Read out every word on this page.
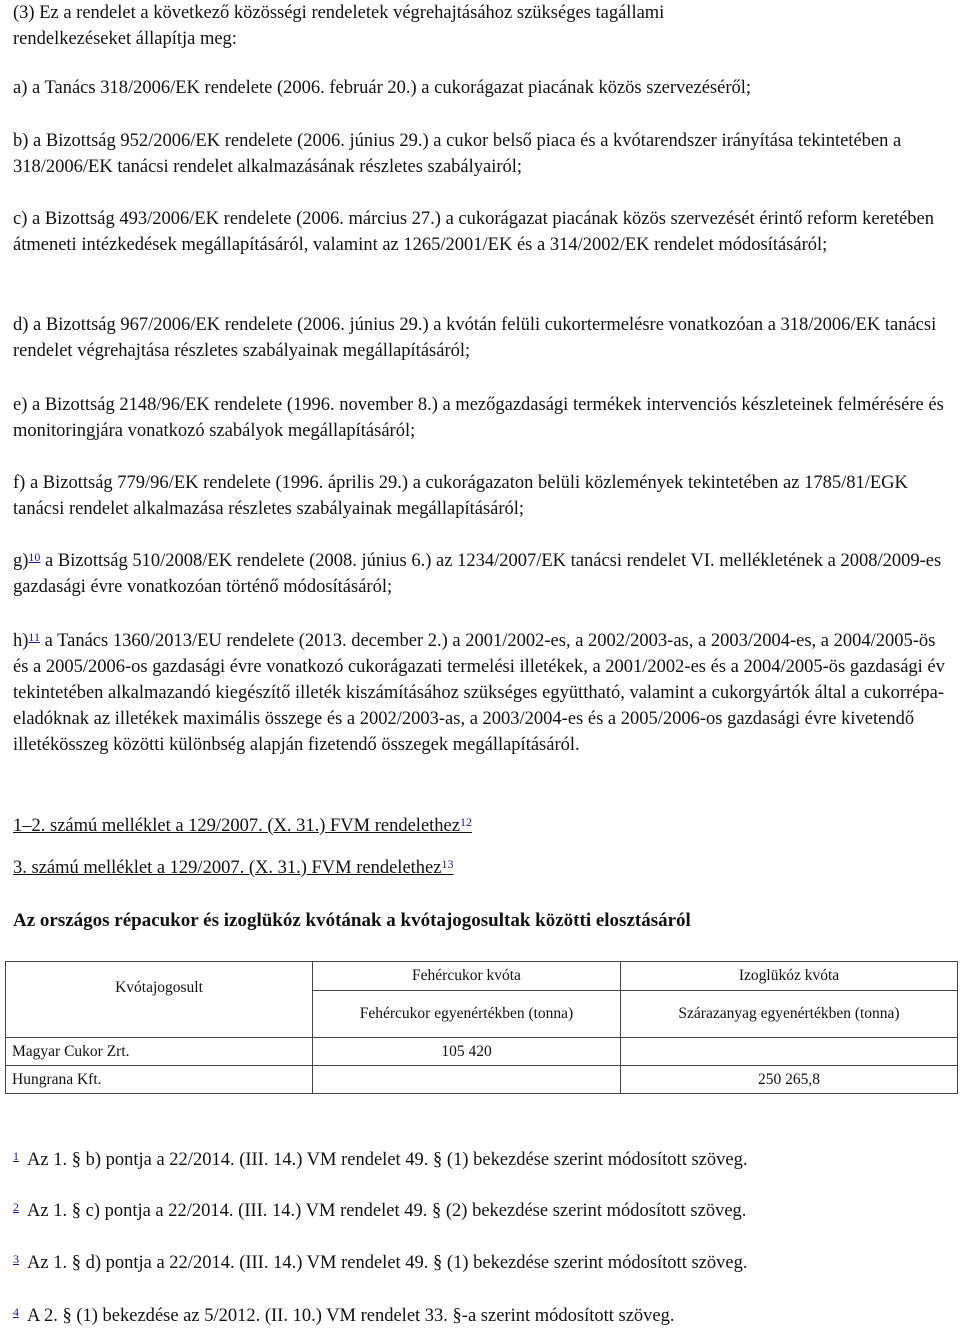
(3) Ez a rendelet a következő közösségi rendeletek végrehajtásához szükséges tagállami
rendelkezéseket állapítja meg:

a) a Tanács 318/2006/EK rendelete (2006. február 20.) a cukorágazat piacának közös szervezéséről;

b) a Bizottság 952/2006/EK rendelete (2006. június 29.) a cukor belső piaca és a kvótarendszer irányítása tekintetében a 318/2006/EK tanácsi rendelet alkalmazásának részletes szabályairól;

c) a Bizottság 493/2006/EK rendelete (2006. március 27.) a cukorágazat piacának közös szervezését érintő reform keretében átmeneti intézkedések megállapításáról, valamint az 1265/2001/EK és a 314/2002/EK rendelet módosításáról;

d) a Bizottság 967/2006/EK rendelete (2006. június 29.) a kvótán felüli cukortermelésre vonatkozóan a 318/2006/EK tanácsi rendelet végrehajtása részletes szabályainak megállapításáról;

e) a Bizottság 2148/96/EK rendelete (1996. november 8.) a mezőgazdasági termékek intervenciós készleteinek felmérésére és monitoringjára vonatkozó szabályok megállapításáról;

f) a Bizottság 779/96/EK rendelete (1996. április 29.) a cukorágazaton belüli közlemények tekintetében az 1785/81/EGK tanácsi rendelet alkalmazása részletes szabályainak megállapításáról;

g)$^{10}$ a Bizottság 510/2008/EK rendelete (2008. június 6.) az 1234/2007/EK tanácsi rendelet VI. mellékletének a 2008/2009-es gazdasági évre vonatkozóan történő módosításáról;

h)$^{11}$ a Tanács 1360/2013/EU rendelete (2013. december 2.) a 2001/2002-es, a 2002/2003-as, a 2003/2004-es, a 2004/2005-ös és a 2005/2006-os gazdasági évre vonatkozó cukorágazati termelési illetékek, a 2001/2002-es és a 2004/2005-ös gazdasági év tekintetében alkalmazandó kiegészítő illeték kiszámításához szükséges együttható, valamint a cukorgyártók által a cukorrépa-eladóknak az illetékek maximális összege és a 2002/2003-as, a 2003/2004-es és a 2005/2006-os gazdasági évre kivetendő illetékösszeg közötti különbség alapján fizetendő összegek megállapításáról.

1–2. számú melléklet a 129/2007. (X. 31.) FVM rendelethez$^{12}$
3. számú melléklet a 129/2007. (X. 31.) FVM rendelethez$^{13}$
Az országos répacukor és izoglükóz kvótának a kvótajogosultak közötti elosztásáról
Kvótajogosult	Fehércukor kvóta	Izoglükóz kvóta
	Fehércukor egyenértékben (tonna)	Szárazanyag egyenértékben (tonna)
Magyar Cukor Zrt.	105 420	
Hungrana Kft.		250 265,8
$^1$ Az 1. § b) pontja a 22/2014. (III. 14.) VM rendelet 49. § (1) bekezdése szerint módosított szöveg.
$^2$ Az 1. § c) pontja a 22/2014. (III. 14.) VM rendelet 49. § (2) bekezdése szerint módosított szöveg.
$^3$ Az 1. § d) pontja a 22/2014. (III. 14.) VM rendelet 49. § (1) bekezdése szerint módosított szöveg.
$^4$ A 2. § (1) bekezdése az 5/2012. (II. 10.) VM rendelet 33. §-a szerint módosított szöveg.
